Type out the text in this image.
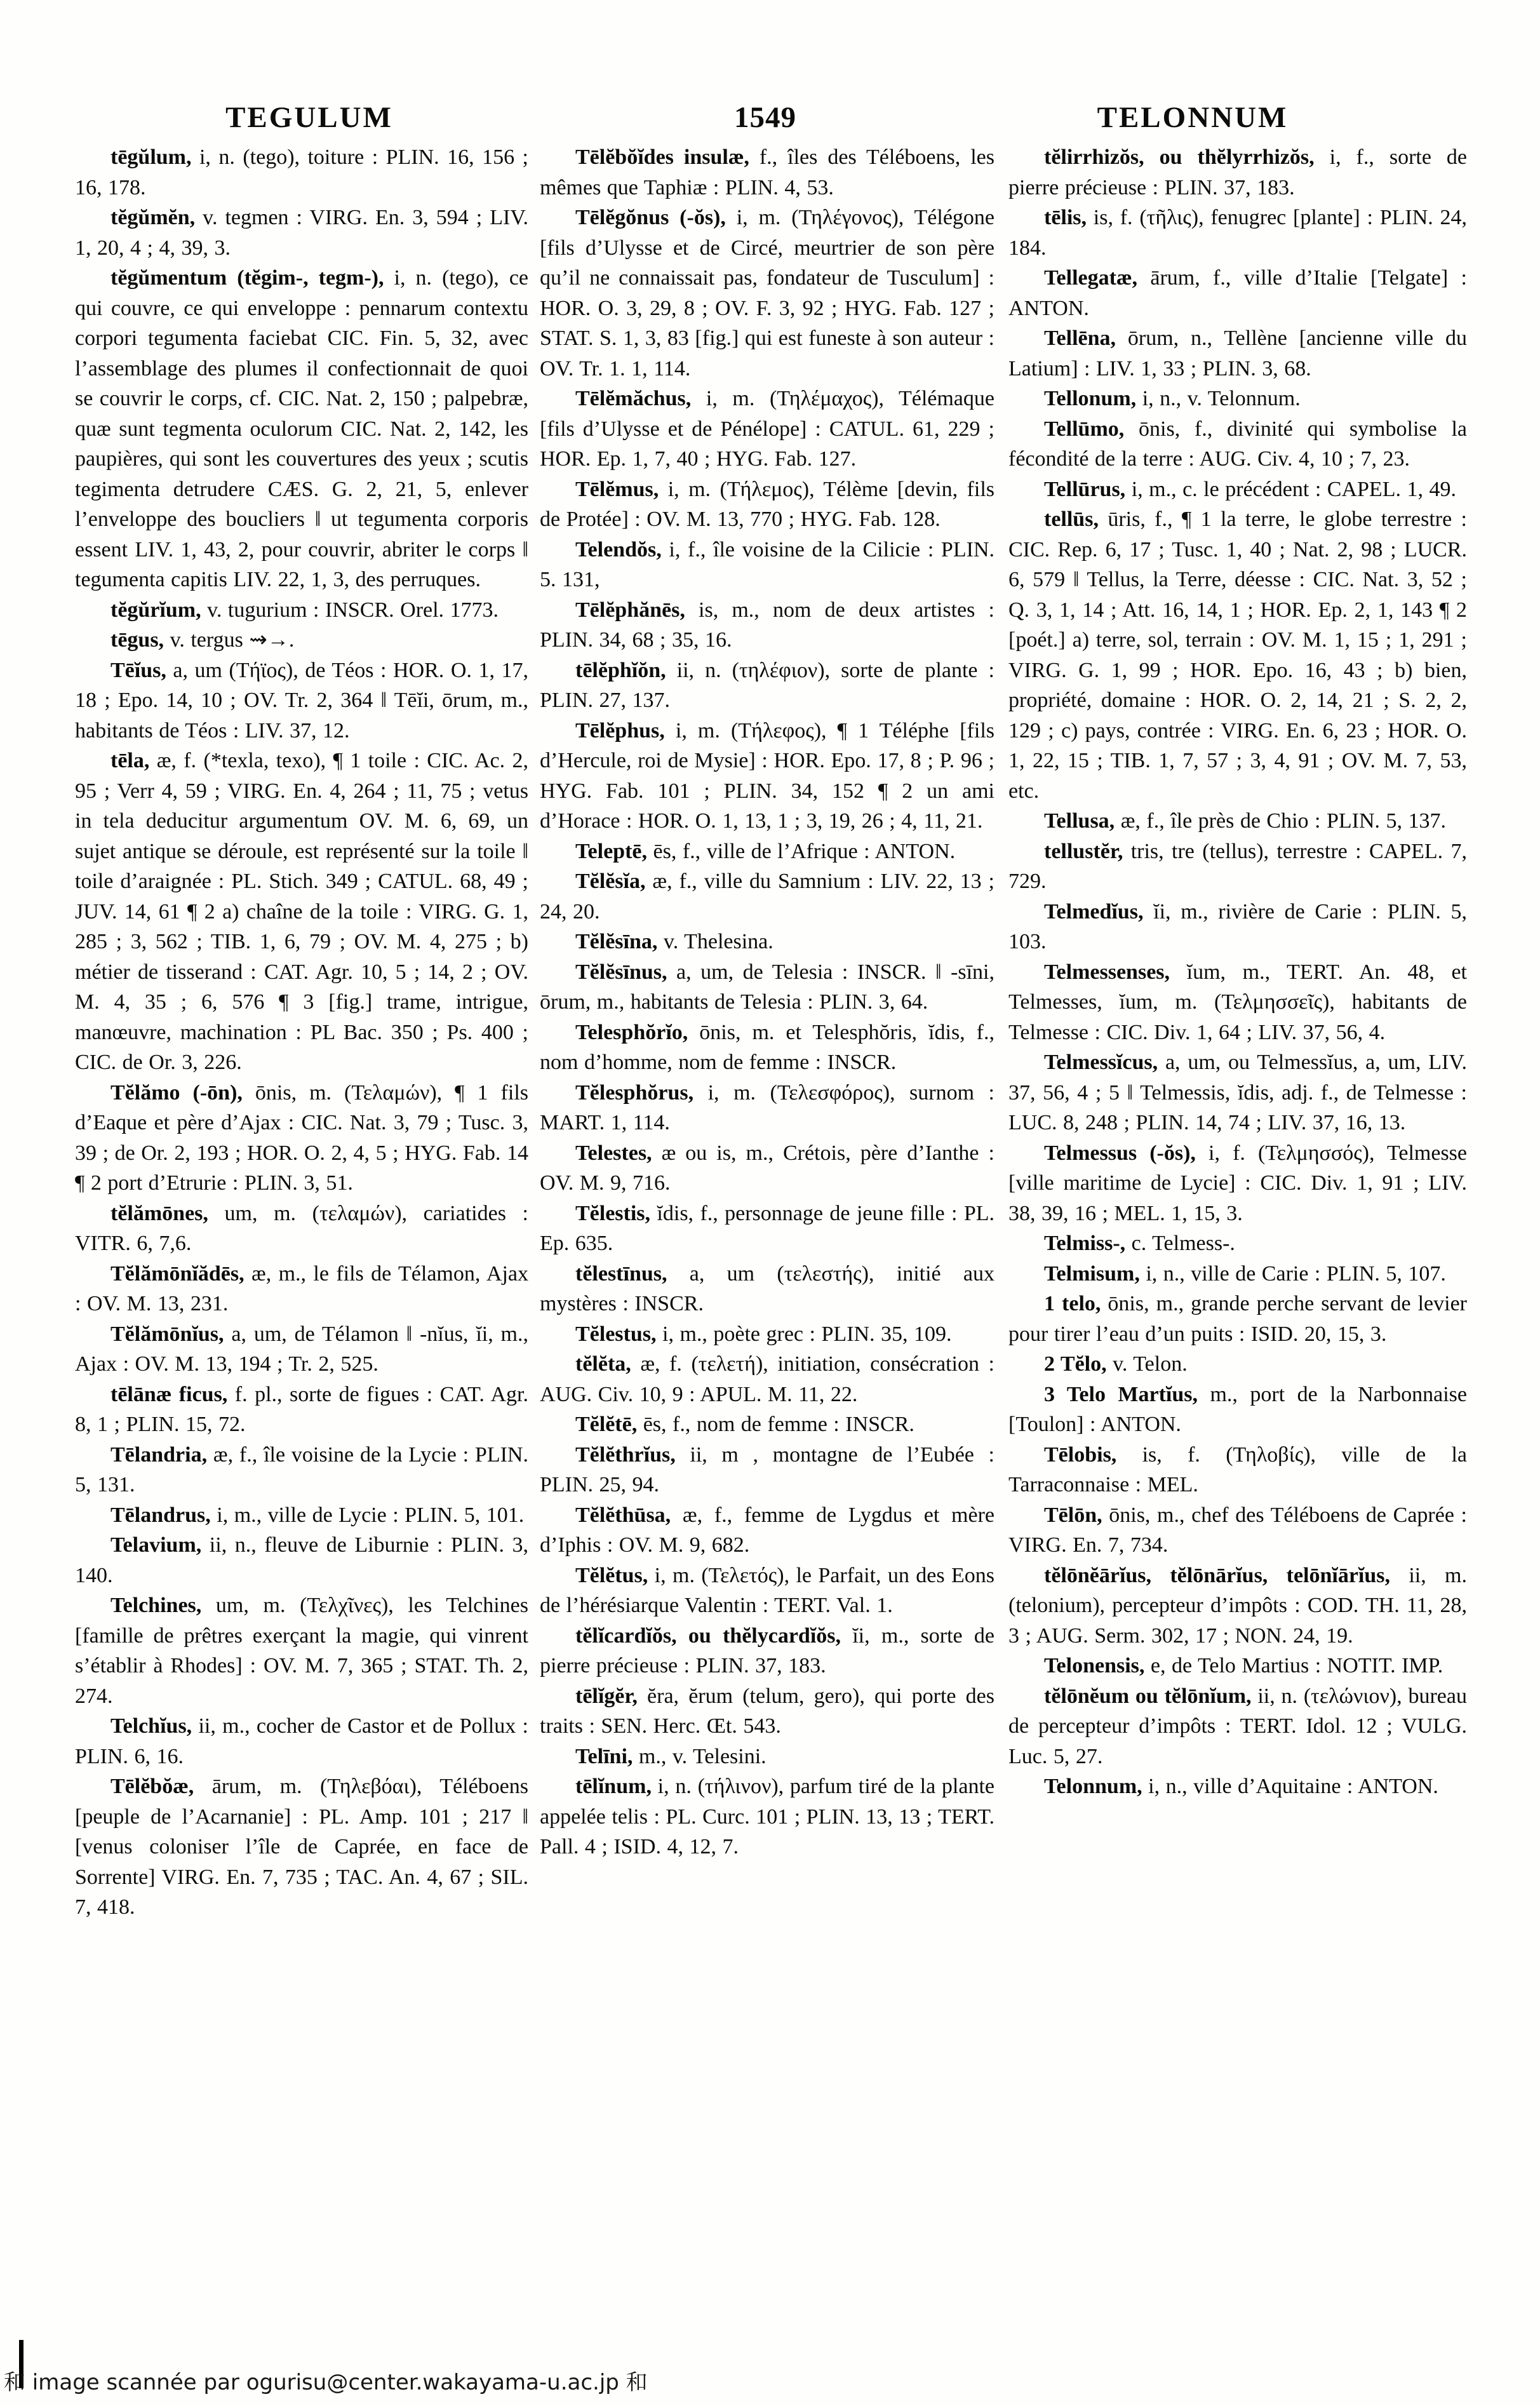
TEGULUM	1549	TELONNUM

tēgŭlum, i, n. (tego), toiture : PLIN. 16, 156 ; 16, 178.

tĕgŭmĕn, v. tegmen : VIRG. En. 3, 594 ; LIV. 1, 20, 4 ; 4, 39, 3.

tĕgŭmentum (tĕgim-, tegm-), i, n. (tego), ce qui couvre, ce qui enveloppe : pennarum contextu corpori tegumenta faciebat CIC. Fin. 5, 32, avec l’assemblage des plumes il confectionnait de quoi se couvrir le corps, cf. CIC. Nat. 2, 150 ; palpebræ, quæ sunt tegmenta oculorum CIC. Nat. 2, 142, les paupières, qui sont les couvertures des yeux ; scutis tegimenta detrudere CÆS. G. 2, 21, 5, enlever l’enveloppe des boucliers ‖ ut tegumenta corporis essent LIV. 1, 43, 2, pour couvrir, abriter le corps ‖ tegumenta capitis LIV. 22, 1, 3, des perruques.

tĕgŭrĭum, v. tugurium : INSCR. Orel. 1773.

tēgus, v. tergus ⇝→.

Tēĭus, a, um (Τήϊος), de Téos : HOR. O. 1, 17, 18 ; Epo. 14, 10 ; OV. Tr. 2, 364 ‖ Tēĭi, ōrum, m., habitants de Téos : LIV. 37, 12.

tēla, æ, f. (*texla, texo), ¶ 1 toile : CIC. Ac. 2, 95 ; Verr 4, 59 ; VIRG. En. 4, 264 ; 11, 75 ; vetus in tela deducitur argumentum OV. M. 6, 69, un sujet antique se déroule, est représenté sur la toile ‖ toile d’araignée : PL. Stich. 349 ; CATUL. 68, 49 ; JUV. 14, 61 ¶ 2 a) chaîne de la toile : VIRG. G. 1, 285 ; 3, 562 ; TIB. 1, 6, 79 ; OV. M. 4, 275 ; b) métier de tisserand : CAT. Agr. 10, 5 ; 14, 2 ; OV. M. 4, 35 ; 6, 576 ¶ 3 [fig.] trame, intrigue, manœuvre, machination : PL Bac. 350 ; Ps. 400 ; CIC. de Or. 3, 226.

Tĕlămo (-ōn), ōnis, m. (Τελαμών), ¶ 1 fils d’Eaque et père d’Ajax : CIC. Nat. 3, 79 ; Tusc. 3, 39 ; de Or. 2, 193 ; HOR. O. 2, 4, 5 ; HYG. Fab. 14 ¶ 2 port d’Etrurie : PLIN. 3, 51.

tĕlămōnes, um, m. (τελαμών), cariatides : VITR. 6, 7,6.

Tĕlămōnĭădēs, æ, m., le fils de Télamon, Ajax : OV. M. 13, 231.

Tĕlămōnĭus, a, um, de Télamon ‖ -nĭus, ĭi, m., Ajax : OV. M. 13, 194 ; Tr. 2, 525.

tēlānæ ficus, f. pl., sorte de figues : CAT. Agr. 8, 1 ; PLIN. 15, 72.

Tēlandria, æ, f., île voisine de la Lycie : PLIN. 5, 131.

Tēlandrus, i, m., ville de Lycie : PLIN. 5, 101.

Telavium, ii, n., fleuve de Liburnie : PLIN. 3, 140.

Telchines, um, m. (Τελχῖνες), les Telchines [famille de prêtres exerçant la magie, qui vinrent s’établir à Rhodes] : OV. M. 7, 365 ; STAT. Th. 2, 274.

Telchĭus, ii, m., cocher de Castor et de Pollux : PLIN. 6, 16.

Tēlĕbŏæ, ārum, m. (Τηλεβόαι), Téléboens [peuple de l’Acarnanie] : PL. Amp. 101 ; 217 ‖ [venus coloniser l’île de Caprée, en face de Sorrente] VIRG. En. 7, 735 ; TAC. An. 4, 67 ; SIL. 7, 418.

Tēlĕbŏĭdes insulæ, f., îles des Téléboens, les mêmes que Taphiæ : PLIN. 4, 53.

Tēlĕgŏnus (-ŏs), i, m. (Τηλέγονος), Télégone [fils d’Ulysse et de Circé, meurtrier de son père qu’il ne connaissait pas, fondateur de Tusculum] : HOR. O. 3, 29, 8 ; OV. F. 3, 92 ; HYG. Fab. 127 ; STAT. S. 1, 3, 83 [fig.] qui est funeste à son auteur : OV. Tr. 1. 1, 114.

Tēlĕmăchus, i, m. (Τηλέμαχος), Télémaque [fils d’Ulysse et de Pénélope] : CATUL. 61, 229 ; HOR. Ep. 1, 7, 40 ; HYG. Fab. 127.

Tēlĕmus, i, m. (Τήλεμος), Télème [devin, fils de Protée] : OV. M. 13, 770 ; HYG. Fab. 128.

Telendŏs, i, f., île voisine de la Cilicie : PLIN. 5. 131,

Tēlĕphănēs, is, m., nom de deux artistes : PLIN. 34, 68 ; 35, 16.

tēlĕphĭŏn, ii, n. (τηλέφιον), sorte de plante : PLIN. 27, 137.

Tēlĕphus, i, m. (Τήλεφος), ¶ 1 Téléphe [fils d’Hercule, roi de Mysie] : HOR. Epo. 17, 8 ; P. 96 ; HYG. Fab. 101 ; PLIN. 34, 152 ¶ 2 un ami d’Horace : HOR. O. 1, 13, 1 ; 3, 19, 26 ; 4, 11, 21.

Teleptē, ēs, f., ville de l’Afrique : ANTON.

Tĕlĕsĭa, æ, f., ville du Samnium : LIV. 22, 13 ; 24, 20.

Tĕlĕsīna, v. Thelesina.

Tĕlĕsīnus, a, um, de Telesia : INSCR. ‖ -sīni, ōrum, m., habitants de Telesia : PLIN. 3, 64.

Telesphŏrĭo, ōnis, m. et Telesphŏris, ĭdis, f., nom d’homme, nom de femme : INSCR.

Tĕlesphŏrus, i, m. (Τελεσφόρος), surnom : MART. 1, 114.

Telestes, æ ou is, m., Crétois, père d’Ianthe : OV. M. 9, 716.

Tĕlestis, ĭdis, f., personnage de jeune fille : PL. Ep. 635.

tĕlestīnus, a, um (τελεστής), initié aux mystères : INSCR.

Tĕlestus, i, m., poète grec : PLIN. 35, 109.

tĕlĕta, æ, f. (τελετή), initiation, consécration : AUG. Civ. 10, 9 : APUL. M. 11, 22.

Tĕlĕtē, ēs, f., nom de femme : INSCR.

Tĕlĕthrĭus, ii, m , montagne de l’Eubée : PLIN. 25, 94.

Tĕlĕthūsa, æ, f., femme de Lygdus et mère d’Iphis : OV. M. 9, 682.

Tĕlĕtus, i, m. (Τελετός), le Parfait, un des Eons de l’hérésiarque Valentin : TERT. Val. 1.

tĕlĭcardĭŏs, ou thĕlycardĭŏs, ĭi, m., sorte de pierre précieuse : PLIN. 37, 183.

tēlĭgĕr, ĕra, ĕrum (telum, gero), qui porte des traits : SEN. Herc. Œt. 543.

Telīni, m., v. Telesini.

tēlĭnum, i, n. (τήλινον), parfum tiré de la plante appelée telis : PL. Curc. 101 ; PLIN. 13, 13 ; TERT. Pall. 4 ; ISID. 4, 12, 7.

tĕlirrhizŏs, ou thĕlyrrhizŏs, i, f., sorte de pierre précieuse : PLIN. 37, 183.

tēlis, is, f. (τῆλις), fenugrec [plante] : PLIN. 24, 184.

Tellegatæ, ārum, f., ville d’Italie [Telgate] : ANTON.

Tellēna, ōrum, n., Tellène [ancienne ville du Latium] : LIV. 1, 33 ; PLIN. 3, 68.

Tellonum, i, n., v. Telonnum.

Tellūmo, ōnis, f., divinité qui symbolise la fécondité de la terre : AUG. Civ. 4, 10 ; 7, 23.

Tellūrus, i, m., c. le précédent : CAPEL. 1, 49.

tellūs, ūris, f., ¶ 1 la terre, le globe terrestre : CIC. Rep. 6, 17 ; Tusc. 1, 40 ; Nat. 2, 98 ; LUCR. 6, 579 ‖ Tellus, la Terre, déesse : CIC. Nat. 3, 52 ; Q. 3, 1, 14 ; Att. 16, 14, 1 ; HOR. Ep. 2, 1, 143 ¶ 2 [poét.] a) terre, sol, terrain : OV. M. 1, 15 ; 1, 291 ; VIRG. G. 1, 99 ; HOR. Epo. 16, 43 ; b) bien, propriété, domaine : HOR. O. 2, 14, 21 ; S. 2, 2, 129 ; c) pays, contrée : VIRG. En. 6, 23 ; HOR. O. 1, 22, 15 ; TIB. 1, 7, 57 ; 3, 4, 91 ; OV. M. 7, 53, etc.

Tellusa, æ, f., île près de Chio : PLIN. 5, 137.

tellustĕr, tris, tre (tellus), terrestre : CAPEL. 7, 729.

Telmedĭus, ĭi, m., rivière de Carie : PLIN. 5, 103.

Telmessenses, ĭum, m., TERT. An. 48, et Telmesses, ĭum, m. (Τελμησσεῖς), habitants de Telmesse : CIC. Div. 1, 64 ; LIV. 37, 56, 4.

Telmessĭcus, a, um, ou Telmessĭus, a, um, LIV. 37, 56, 4 ; 5 ‖ Telmessis, ĭdis, adj. f., de Telmesse : LUC. 8, 248 ; PLIN. 14, 74 ; LIV. 37, 16, 13.

Telmessus (-ŏs), i, f. (Τελμησσός), Telmesse [ville maritime de Lycie] : CIC. Div. 1, 91 ; LIV. 38, 39, 16 ; MEL. 1, 15, 3.

Telmiss-, c. Telmess-.

Telmisum, i, n., ville de Carie : PLIN. 5, 107.

1 telo, ōnis, m., grande perche servant de levier pour tirer l’eau d’un puits : ISID. 20, 15, 3.

2 Tĕlo, v. Telon.

3 Telo Martĭus, m., port de la Narbonnaise [Toulon] : ANTON.

Tēlobis, is, f. (Τηλοβίς), ville de la Tarraconnaise : MEL.

Tēlōn, ōnis, m., chef des Téléboens de Caprée : VIRG. En. 7, 734.

tĕlōnĕārĭus, tĕlōnārĭus, telōnĭārĭus, ii, m. (telonium), percepteur d’impôts : COD. TH. 11, 28, 3 ; AUG. Serm. 302, 17 ; NON. 24, 19.

Telonensis, e, de Telo Martius : NOTIT. IMP.

tĕlōnĕum ou tĕlōnĭum, ii, n. (τελώνιον), bureau de percepteur d’impôts : TERT. Idol. 12 ; VULG. Luc. 5, 27.

Telonnum, i, n., ville d’Aquitaine : ANTON.

和 image scannée par ogurisu@center.wakayama-u.ac.jp 和
